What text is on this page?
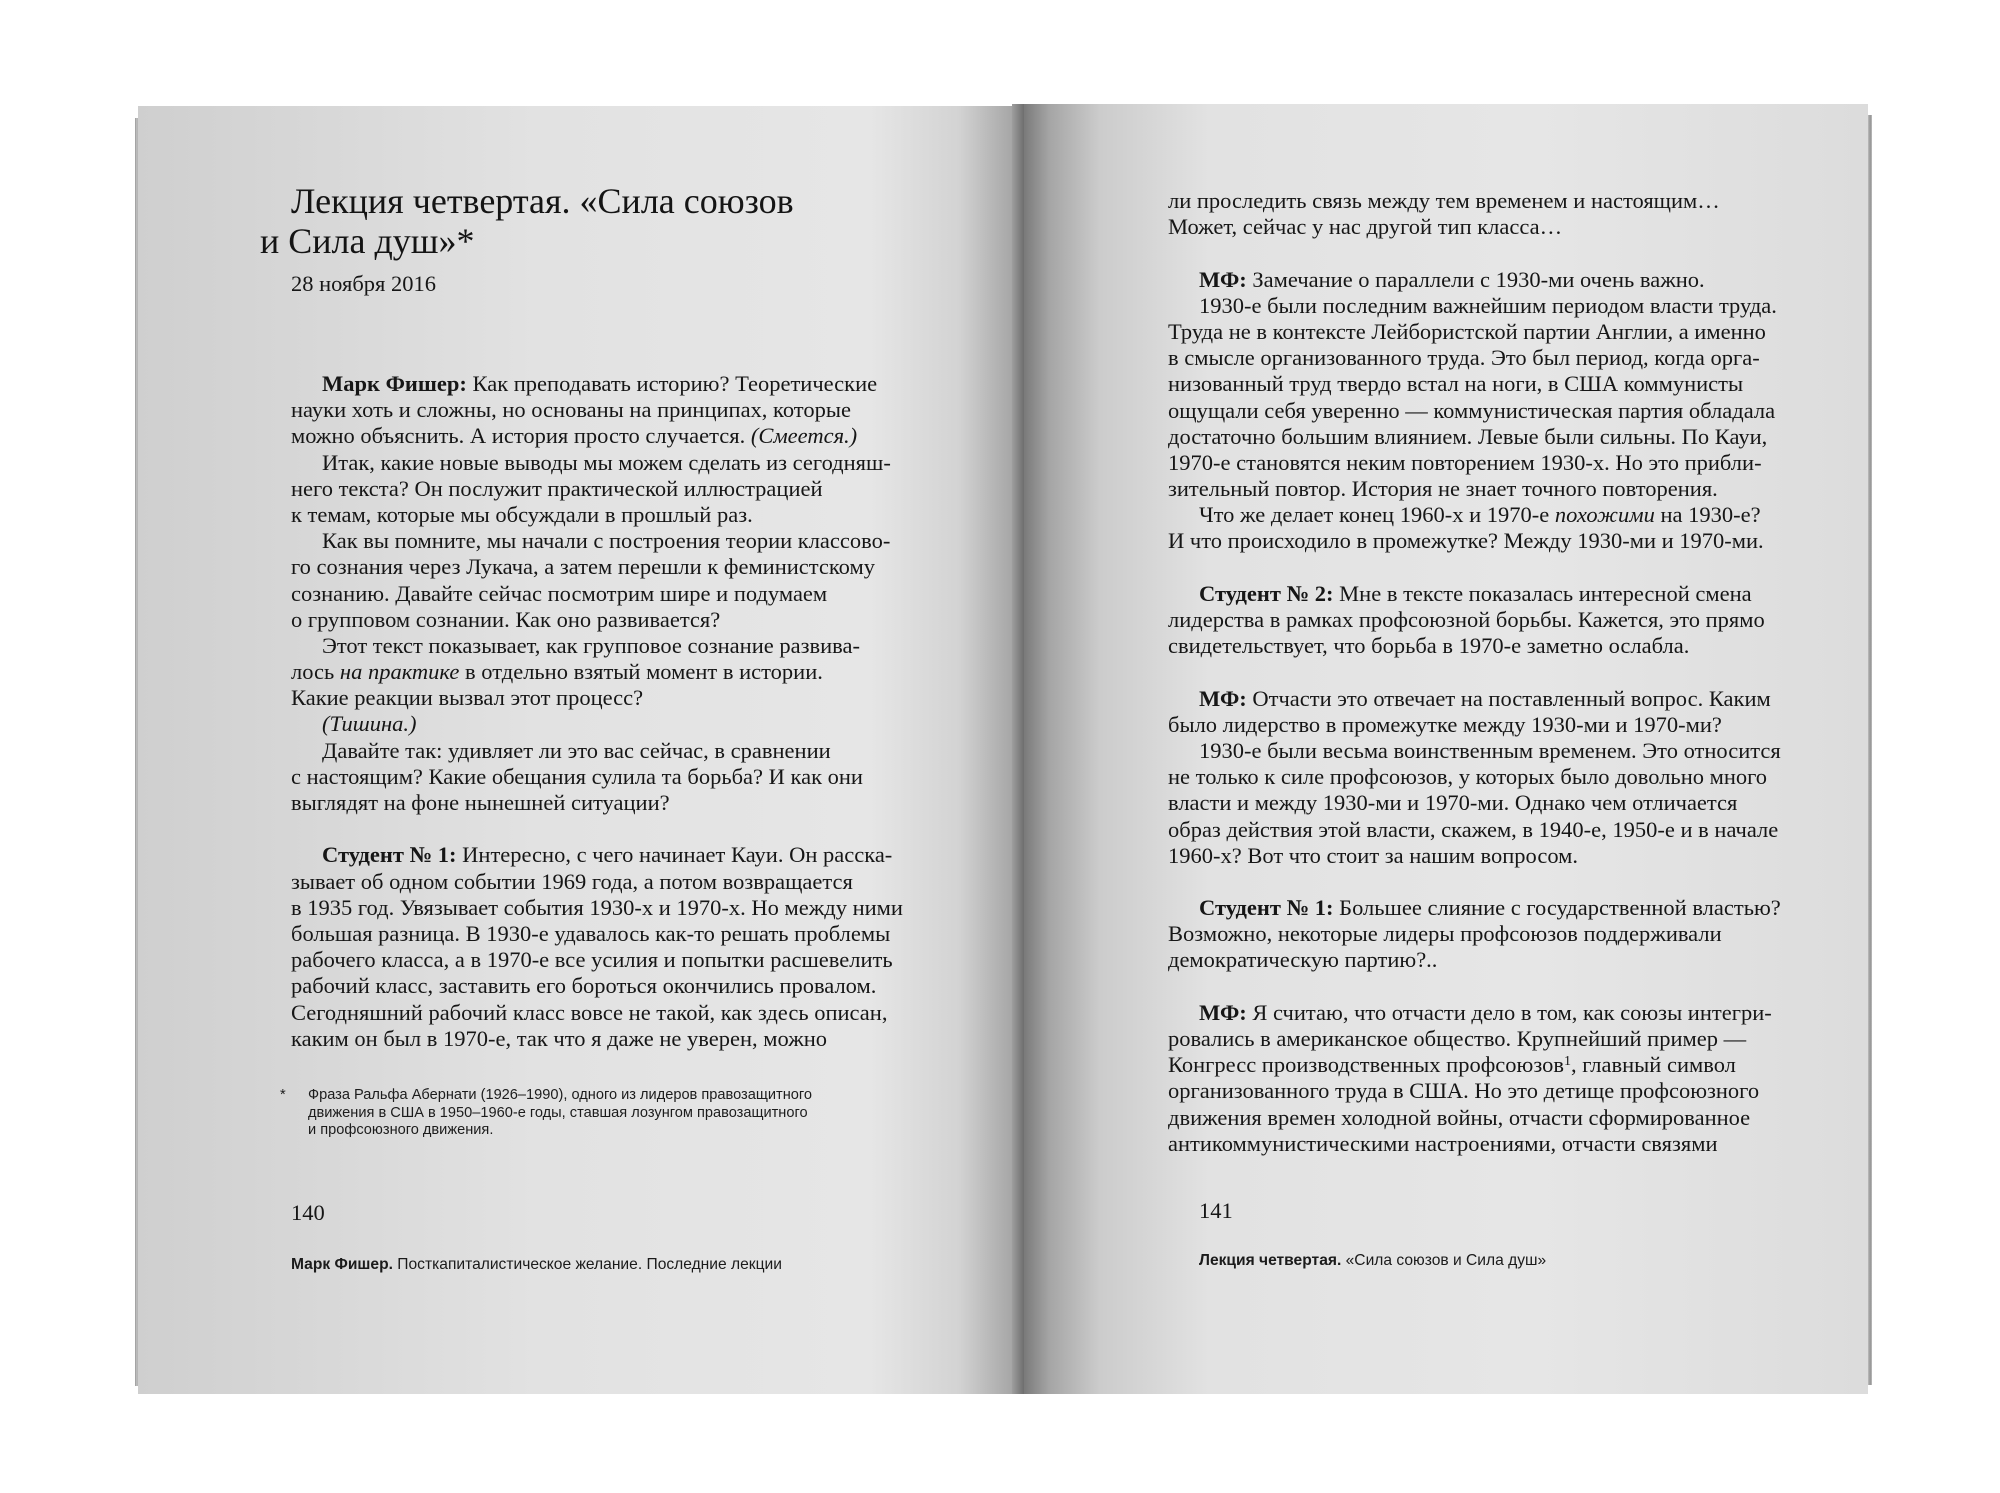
Лекция четвертая. «Сила союзов
и Сила душ»*
28 ноября 2016
Марк Фишер: Как преподавать историю? Теоретические
науки хоть и сложны, но основаны на принципах, которые
можно объяснить. А история просто случается. (Смеется.)
Итак, какие новые выводы мы можем сделать из сегодняш-
него текста? Он послужит практической иллюстрацией
к темам, которые мы обсуждали в прошлый раз.
Как вы помните, мы начали с построения теории классово-
го сознания через Лукача, а затем перешли к феминистскому
сознанию. Давайте сейчас посмотрим шире и подумаем
о групповом сознании. Как оно развивается?
Этот текст показывает, как групповое сознание развива-
лось на практике в отдельно взятый момент в истории.
Какие реакции вызвал этот процесс?
(Тишина.)
Давайте так: удивляет ли это вас сейчас, в сравнении
с настоящим? Какие обещания сулила та борьба? И как они
выглядят на фоне нынешней ситуации?
Студент № 1: Интересно, с чего начинает Кауи. Он расска-
зывает об одном событии 1969 года, а потом возвращается
в 1935 год. Увязывает события 1930-х и 1970-х. Но между ними
большая разница. В 1930-е удавалось как-то решать проблемы
рабочего класса, а в 1970-е все усилия и попытки расшевелить
рабочий класс, заставить его бороться окончились провалом.
Сегодняшний рабочий класс вовсе не такой, как здесь описан,
каким он был в 1970-е, так что я даже не уверен, можно
* Фраза Ральфа Абернати (1926–1990), одного из лидеров правозащитного
движения в США в 1950–1960-е годы, ставшая лозунгом правозащитного
и профсоюзного движения.
140
Марк Фишер. Посткапиталистическое желание. Последние лекции
ли проследить связь между тем временем и настоящим…
Может, сейчас у нас другой тип класса…
МФ: Замечание о параллели с 1930-ми очень важно.
1930-е были последним важнейшим периодом власти труда.
Труда не в контексте Лейбористской партии Англии, а именно
в смысле организованного труда. Это был период, когда орга-
низованный труд твердо встал на ноги, в США коммунисты
ощущали себя уверенно — коммунистическая партия обладала
достаточно большим влиянием. Левые были сильны. По Кауи,
1970-е становятся неким повторением 1930-х. Но это прибли-
зительный повтор. История не знает точного повторения.
Что же делает конец 1960-х и 1970-е похожими на 1930-е?
И что происходило в промежутке? Между 1930-ми и 1970-ми.
Студент № 2: Мне в тексте показалась интересной смена
лидерства в рамках профсоюзной борьбы. Кажется, это прямо
свидетельствует, что борьба в 1970-е заметно ослабла.
МФ: Отчасти это отвечает на поставленный вопрос. Каким
было лидерство в промежутке между 1930-ми и 1970-ми?
1930-е были весьма воинственным временем. Это относится
не только к силе профсоюзов, у которых было довольно много
власти и между 1930-ми и 1970-ми. Однако чем отличается
образ действия этой власти, скажем, в 1940-е, 1950-е и в начале
1960-х? Вот что стоит за нашим вопросом.
Студент № 1: Большее слияние с государственной властью?
Возможно, некоторые лидеры профсоюзов поддерживали
демократическую партию?..
МФ: Я считаю, что отчасти дело в том, как союзы интегри-
ровались в американское общество. Крупнейший пример —
Конгресс производственных профсоюзов$^1$, главный символ
организованного труда в США. Но это детище профсоюзного
движения времен холодной войны, отчасти сформированное
антикоммунистическими настроениями, отчасти связями
141
Лекция четвертая. «Сила союзов и Сила душ»
